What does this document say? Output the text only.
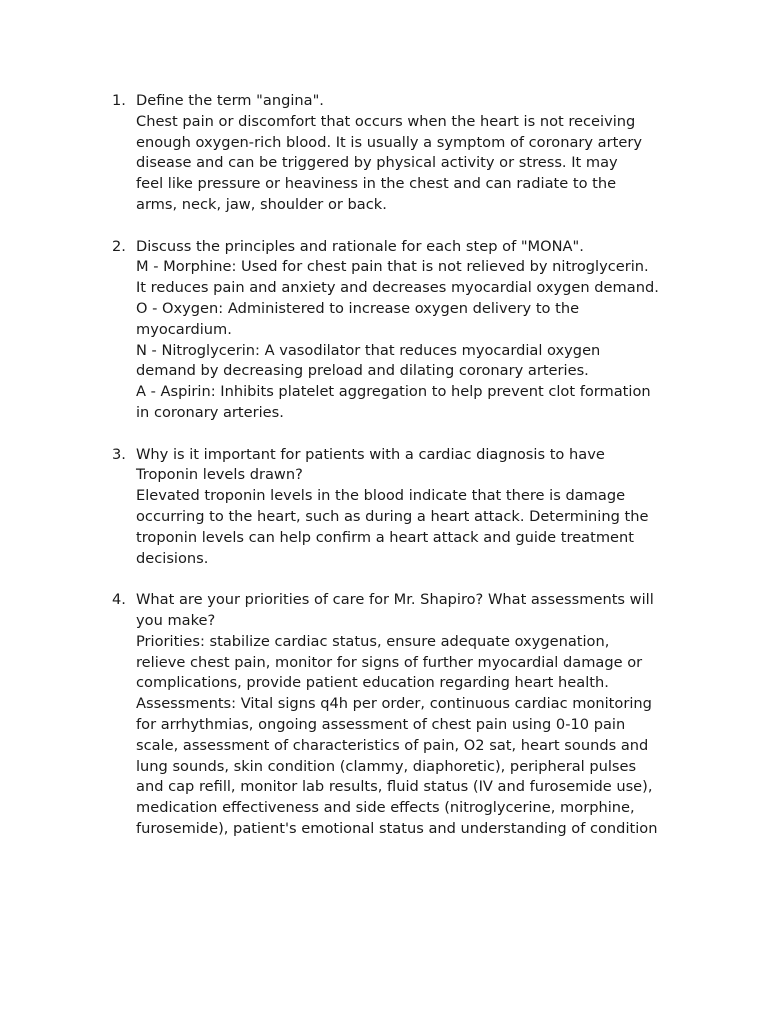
1. Define the term "angina".
Chest pain or discomfort that occurs when the heart is not receiving
enough oxygen-rich blood. It is usually a symptom of coronary artery
disease and can be triggered by physical activity or stress. It may
feel like pressure or heaviness in the chest and can radiate to the
arms, neck, jaw, shoulder or back.
2. Discuss the principles and rationale for each step of "MONA".
M - Morphine: Used for chest pain that is not relieved by nitroglycerin.
It reduces pain and anxiety and decreases myocardial oxygen demand.
O - Oxygen: Administered to increase oxygen delivery to the
myocardium.
N - Nitroglycerin: A vasodilator that reduces myocardial oxygen
demand by decreasing preload and dilating coronary arteries.
A - Aspirin: Inhibits platelet aggregation to help prevent clot formation
in coronary arteries.
3. Why is it important for patients with a cardiac diagnosis to have
Troponin levels drawn?
Elevated troponin levels in the blood indicate that there is damage
occurring to the heart, such as during a heart attack. Determining the
troponin levels can help confirm a heart attack and guide treatment
decisions.
4. What are your priorities of care for Mr. Shapiro? What assessments will
you make?
Priorities: stabilize cardiac status, ensure adequate oxygenation,
relieve chest pain, monitor for signs of further myocardial damage or
complications, provide patient education regarding heart health.
Assessments: Vital signs q4h per order, continuous cardiac monitoring
for arrhythmias, ongoing assessment of chest pain using 0-10 pain
scale, assessment of characteristics of pain, O2 sat, heart sounds and
lung sounds, skin condition (clammy, diaphoretic), peripheral pulses
and cap refill, monitor lab results, fluid status (IV and furosemide use),
medication effectiveness and side effects (nitroglycerine, morphine,
furosemide), patient's emotional status and understanding of condition
